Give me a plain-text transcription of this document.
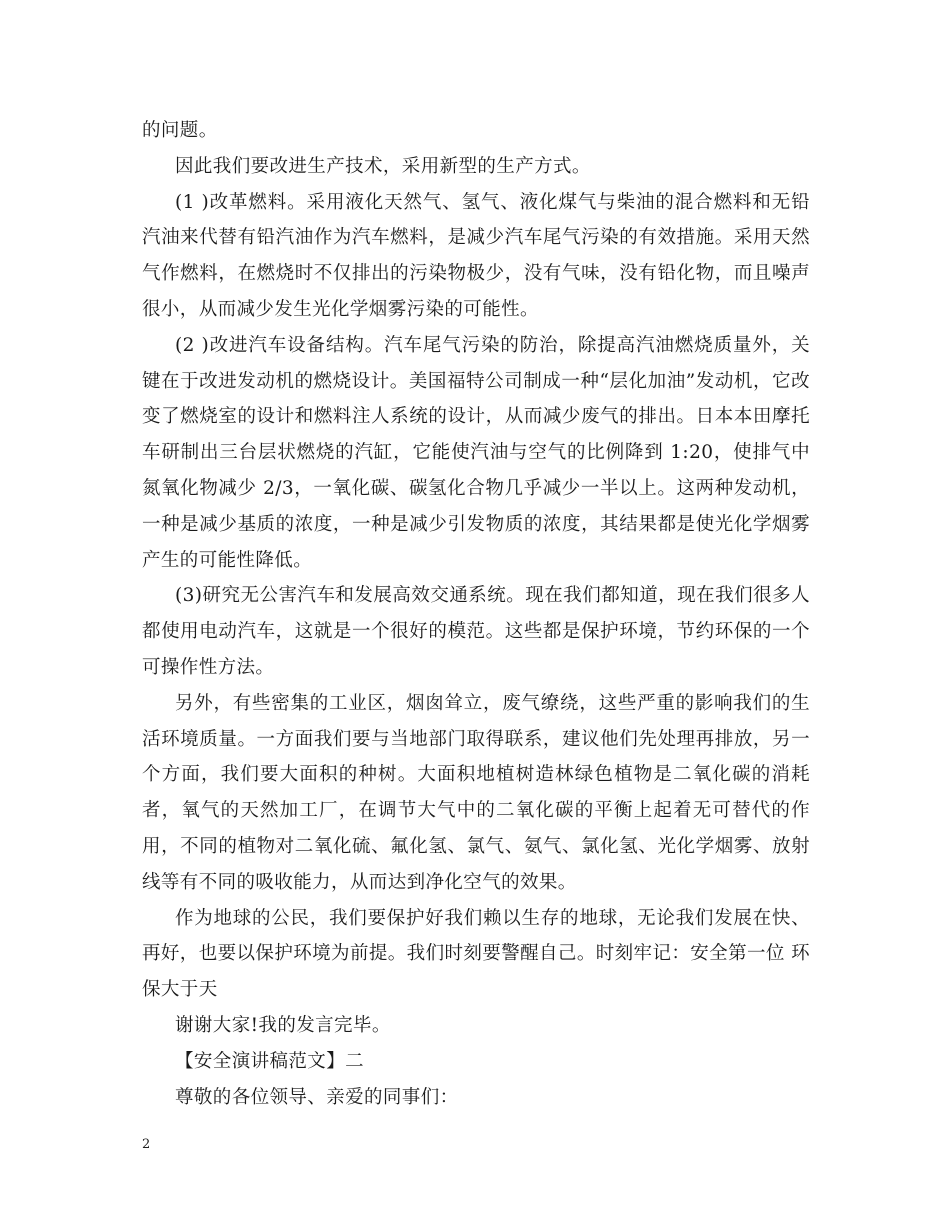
的问题。

因此我们要改进生产技术，采用新型的生产方式。

(1 )改革燃料。采用液化天然气、氢气、液化煤气与柴油的混合燃料和无铅汽油来代替有铅汽油作为汽车燃料，是减少汽车尾气污染的有效措施。采用天然气作燃料，在燃烧时不仅排出的污染物极少，没有气味，没有铅化物，而且噪声很小，从而减少发生光化学烟雾污染的可能性。

(2 )改进汽车设备结构。汽车尾气污染的防治，除提高汽油燃烧质量外，关键在于改进发动机的燃烧设计。美国福特公司制成一种“层化加油”发动机，它改变了燃烧室的设计和燃料注人系统的设计，从而减少废气的排出。日本本田摩托车研制出三台层状燃烧的汽缸，它能使汽油与空气的比例降到 1:20，使排气中氮氧化物减少 2/3，一氧化碳、碳氢化合物几乎减少一半以上。这两种发动机，一种是减少基质的浓度，一种是减少引发物质的浓度，其结果都是使光化学烟雾产生的可能性降低。

(3)研究无公害汽车和发展高效交通系统。现在我们都知道，现在我们很多人都使用电动汽车，这就是一个很好的模范。这些都是保护环境，节约环保的一个可操作性方法。

另外，有些密集的工业区，烟囱耸立，废气缭绕，这些严重的影响我们的生活环境质量。一方面我们要与当地部门取得联系，建议他们先处理再排放，另一个方面，我们要大面积的种树。大面积地植树造林绿色植物是二氧化碳的消耗者，氧气的天然加工厂，在调节大气中的二氧化碳的平衡上起着无可替代的作用，不同的植物对二氧化硫、氟化氢、氯气、氨气、氯化氢、光化学烟雾、放射线等有不同的吸收能力，从而达到净化空气的效果。

作为地球的公民，我们要保护好我们赖以生存的地球，无论我们发展在快、再好，也要以保护环境为前提。我们时刻要警醒自己。时刻牢记：安全第一位 环保大于天

谢谢大家!我的发言完毕。

【安全演讲稿范文】二

尊敬的各位领导、亲爱的同事们：

2
